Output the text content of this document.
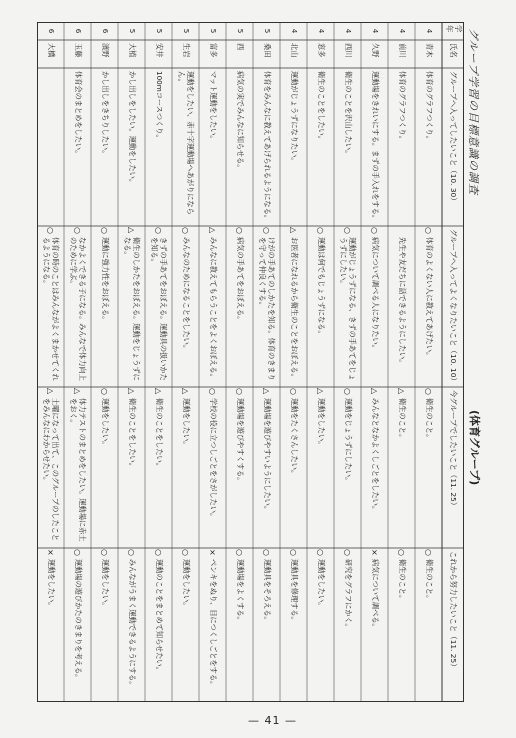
グループ学習の目標意識の調査
(体育グループ)
学年
氏名
グループへ入ってしたいこと（10. 30）
グループへ入ってよくなりたいこと（10. 10）
今グループでしたいこと（11. 25）
これから努力したいこと（11. 25）
4
青木
体育のグラフつくり。
○
体育のよくない人に教えてあげたい。
○
衛生のこと。
○
衛生のこと。
4
前川
体育のグラフつくり。
先生や友だちに話できるようにしたい。
△
衛生のこと。
○
衛生のこと。
4
久野
運動場をきれいにする。まずの手入れをする。
○
病気について調べる人になりたい。
△
みんなとなかよくしごとをしたい。
×
病気について調べる。
4
西川
衛生のことを沢山したい。
○
運動がじょうずになる、きずの手あてをじょうずにしたい。
○
運動をじょうずにしたい。
○
研究をグラフにかく。
4
窓多
衛生のことをしたい。
○
運動は何でもじょうずになる。
△
運動をしたい。
○
運動をしたい。
4
北山
運動がじょうずになりたい。
△
お医者になれるから衛生のことをおぼえる。
○
運動をたくさんしたい。
○
運動具を修理する。
5
桑田
体育をみんなに教えてあげられるようになる。
○
けがの手あてのしかたを知る。体育のきまりを守って仲良くする。
△
運動場を遊びやすいようにしたい。
○
運動具をそろえる。
5
西
病気の実でみんなに知らせる。
○
病気の手あてをおぼえる。
○
運動場を遊びやすくする。
○
運動場をよくする。
5
富多
マット運動をしたい。
△
みんなに教えてもらうことをよくおぼえる。
○
学校の役に立つしごとをさがしたい。
×
ぺンキをぬり、目につくしごとをする。
5
生岩
運動をしたい、赤十字運動場へあがりにならん。
○
みんなのためになることをしたい。
△
運動をしたい。
○
運動をしたい。
5
安井
100mコースつくり。
○
きずの手あてをおぼえる。運動具の扱いかたを知る。
△
衛生のことをしたい。
○
運動のことをまとめて知らせたい。
5
大植
かし出しをしたい。運動をしたい。
△
衛生のしかたをおぼえる。運動をじょうずになる。
△
衛生のことをしたい。
○
みんながうまく運動できるようにする。
6
濱野
かし出しをきちりしたい。
○
運動に強力性をおぼえる。
○
運動をしたい。
○
運動をしたい。
6
玉藤
体育会のまとめをしたい。
○
なかよくできる子になる。みんなで体力向上のために学ぶ。
△
体力テストのまとめをしたい。運動場に赤土をおく。
○
運動場の遊びかたのきまりを考える。
6
大橋
○
体育の時のことはみんながよくまかせてくれるようになる。
△
土曜になって出て、このグループのしたことをみんなにわからせたい。
×
運動をしたい。
— 41 —
